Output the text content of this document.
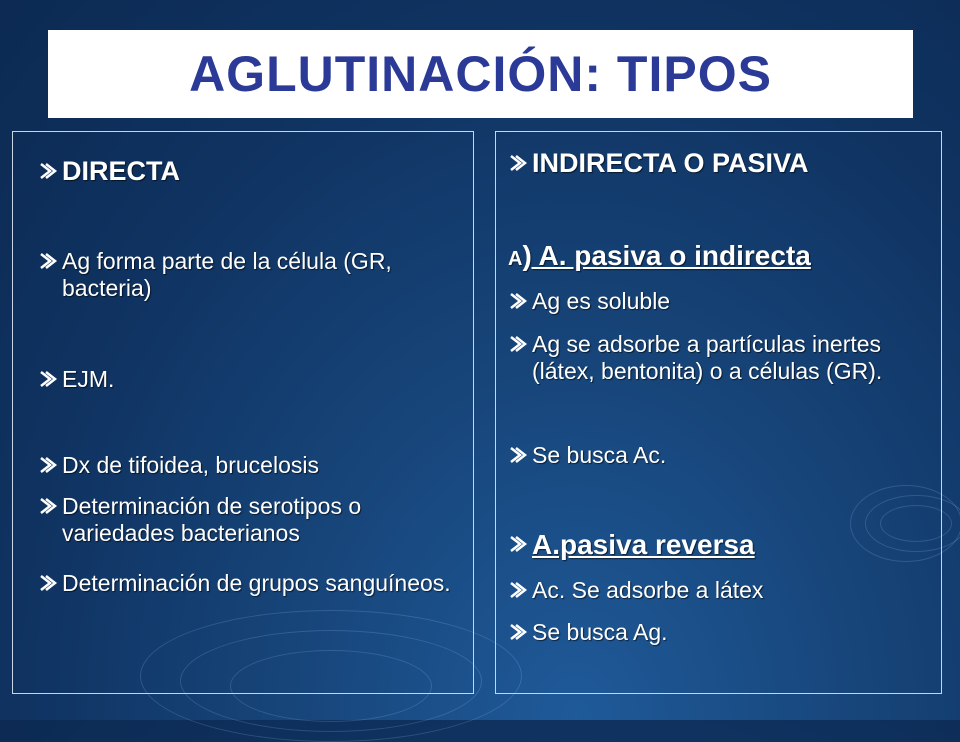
AGLUTINACIÓN: TIPOS
DIRECTA
Ag forma parte de la célula (GR, bacteria)
EJM.
Dx de tifoidea, brucelosis
Determinación de serotipos o variedades bacterianos
Determinación de grupos sanguíneos.
INDIRECTA O PASIVA
A) A. pasiva o indirecta
Ag es soluble
Ag se adsorbe a partículas inertes (látex, bentonita) o a células (GR).
Se busca Ac.
A.pasiva reversa
Ac. Se adsorbe a látex
Se busca Ag.
